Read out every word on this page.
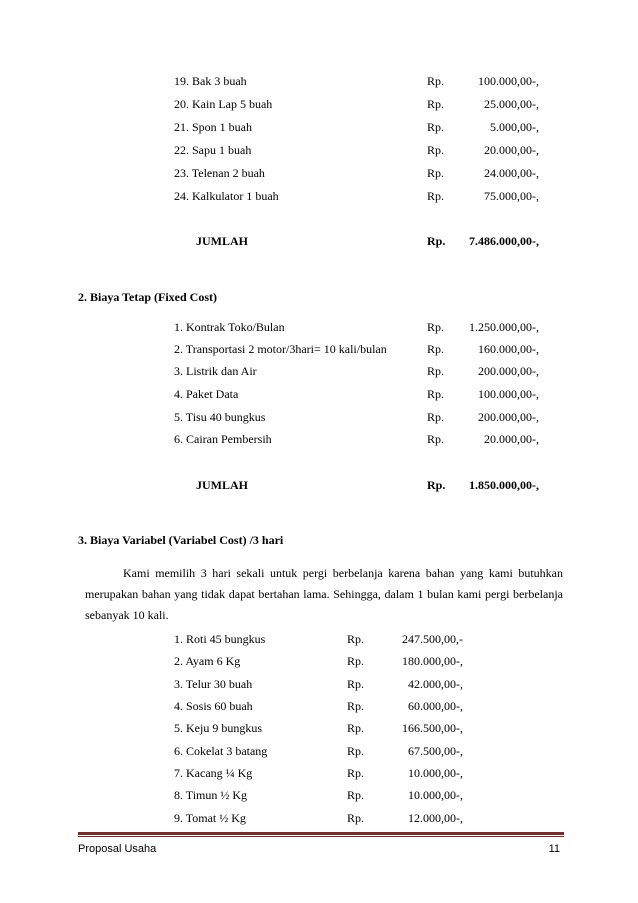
19. Bak 3 buah	Rp.	100.000,00-,
20. Kain Lap 5 buah	Rp.	25.000,00-,
21. Spon 1 buah	Rp.	5.000,00-,
22. Sapu 1 buah	Rp.	20.000,00-,
23. Telenan 2 buah	Rp.	24.000,00-,
24. Kalkulator 1 buah	Rp.	75.000,00-,
JUMLAH	Rp. 7.486.000,00-,
2. Biaya Tetap (Fixed Cost)
1. Kontrak Toko/Bulan	Rp. 1.250.000,00-,
2. Transportasi 2 motor/3hari= 10 kali/bulan	Rp.	160.000,00-,
3. Listrik dan Air	Rp.	200.000,00-,
4. Paket Data	Rp.	100.000,00-,
5. Tisu 40 bungkus	Rp.	200.000,00-,
6. Cairan Pembersih	Rp.	20.000,00-,
JUMLAH	Rp. 1.850.000,00-,
3. Biaya Variabel (Variabel Cost) /3 hari
Kami memilih 3 hari sekali untuk pergi berbelanja karena bahan yang kami butuhkan merupakan bahan yang tidak dapat bertahan lama. Sehingga, dalam 1 bulan kami pergi berbelanja sebanyak 10 kali.
1. Roti 45 bungkus	Rp.	247.500,00,-
2. Ayam 6 Kg	Rp.	180.000,00-,
3. Telur 30 buah	Rp.	42.000,00-,
4. Sosis 60 buah	Rp.	60.000,00-,
5. Keju 9 bungkus	Rp.	166.500,00-,
6. Cokelat 3 batang	Rp.	67.500,00-,
7. Kacang ¼ Kg	Rp.	10.000,00-,
8. Timun ½ Kg	Rp.	10.000,00-,
9. Tomat ½ Kg	Rp.	12.000,00-,
Proposal Usaha	11
